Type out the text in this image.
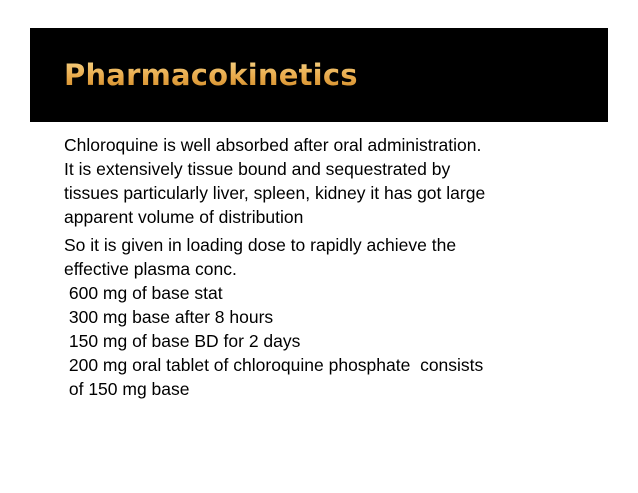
Pharmacokinetics

Chloroquine is well absorbed after oral administration.
It is extensively tissue bound and sequestrated by
tissues particularly liver, spleen, kidney it has got large
apparent volume of distribution

So it is given in loading dose to rapidly achieve the
effective plasma conc.
600 mg of base stat
300 mg base after 8 hours
150 mg of base BD for 2 days
200 mg oral tablet of chloroquine phosphate  consists
of 150 mg base
